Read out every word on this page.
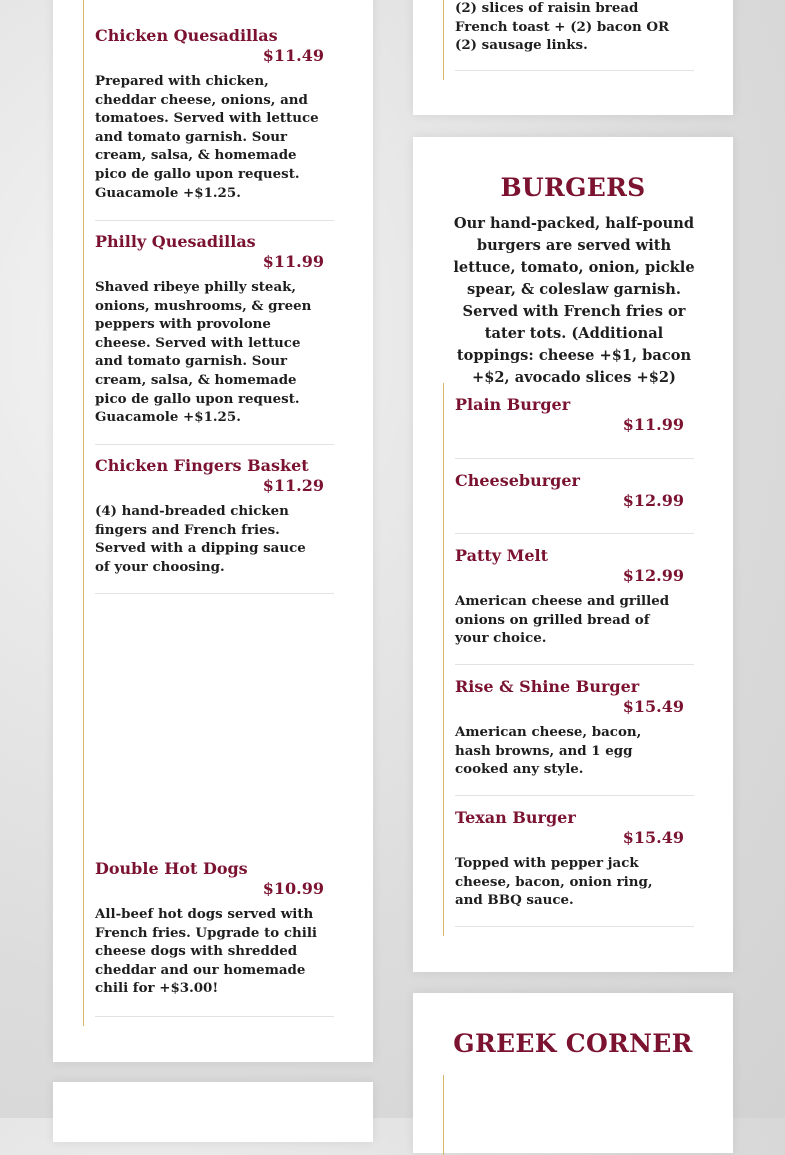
Chicken Quesadillas
$11.49
Prepared with chicken, cheddar cheese, onions, and tomatoes. Served with lettuce and tomato garnish. Sour cream, salsa, & homemade pico de gallo upon request. Guacamole +$1.25.
Philly Quesadillas
$11.99
Shaved ribeye philly steak, onions, mushrooms, & green peppers with provolone cheese. Served with lettuce and tomato garnish. Sour cream, salsa, & homemade pico de gallo upon request. Guacamole +$1.25.
Chicken Fingers Basket
$11.29
(4) hand-breaded chicken fingers and French fries. Served with a dipping sauce of your choosing.
Double Hot Dogs
$10.99
All-beef hot dogs served with French fries. Upgrade to chili cheese dogs with shredded cheddar and our homemade chili for +$3.00!
(2) slices of raisin bread French toast + (2) bacon OR (2) sausage links.
BURGERS
Our hand-packed, half-pound burgers are served with lettuce, tomato, onion, pickle spear, & coleslaw garnish. Served with French fries or tater tots. (Additional toppings: cheese +$1, bacon +$2, avocado slices +$2)
Plain Burger
$11.99
Cheeseburger
$12.99
Patty Melt
$12.99
American cheese and grilled onions on grilled bread of your choice.
Rise & Shine Burger
$15.49
American cheese, bacon, hash browns, and 1 egg cooked any style.
Texan Burger
$15.49
Topped with pepper jack cheese, bacon, onion ring, and BBQ sauce.
GREEK CORNER
